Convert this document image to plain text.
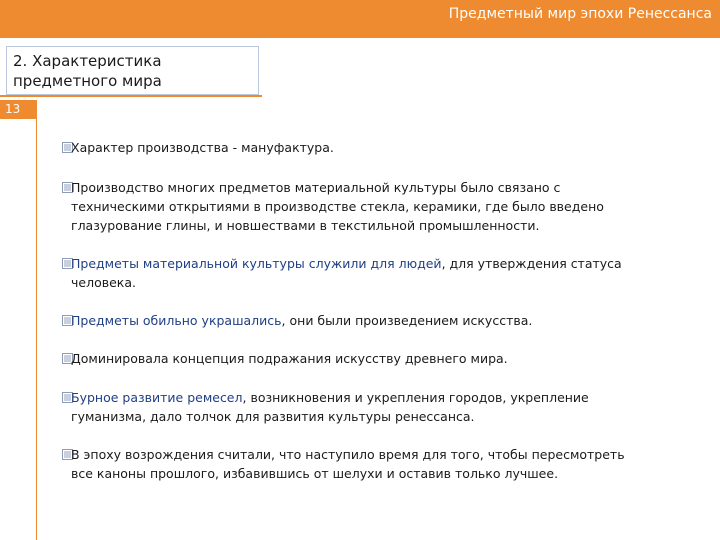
Предметный мир эпохи Ренессанса
2. Характеристика предметного мира
13
Характер производства - мануфактура.
Производство многих предметов материальной культуры было связано с техническими открытиями в производстве стекла, керамики, где было введено глазурование глины, и новшествами в текстильной промышленности.
Предметы материальной культуры служили для людей, для утверждения статуса человека.
Предметы обильно украшались, они были произведением искусства.
Доминировала концепция подражания искусству древнего мира.
Бурное развитие ремесел, возникновения и укрепления городов, укрепление гуманизма, дало толчок для развития культуры ренессанса.
В эпоху возрождения считали, что наступило время для того, чтобы пересмотреть все каноны прошлого, избавившись от шелухи и оставив только лучшее.
